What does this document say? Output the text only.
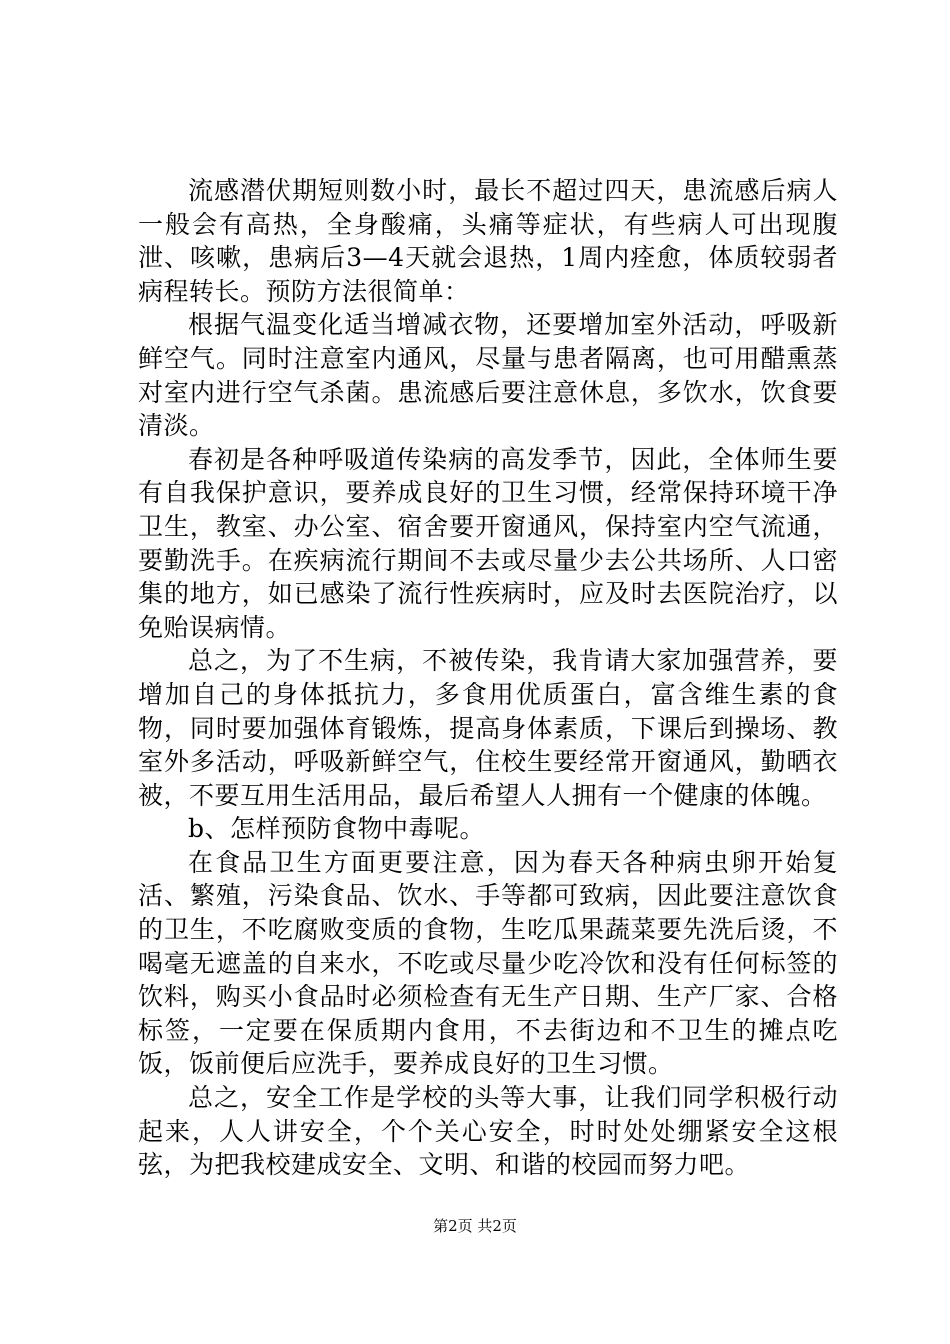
流感潜伏期短则数小时，最长不超过四天，患流感后病人一般会有高热，全身酸痛，头痛等症状，有些病人可出现腹泄、咳嗽，患病后3—4天就会退热，1周内痊愈，体质较弱者病程转长。预防方法很简单：

根据气温变化适当增减衣物，还要增加室外活动，呼吸新鲜空气。同时注意室内通风，尽量与患者隔离，也可用醋熏蒸对室内进行空气杀菌。患流感后要注意休息，多饮水，饮食要清淡。

春初是各种呼吸道传染病的高发季节，因此，全体师生要有自我保护意识，要养成良好的卫生习惯，经常保持环境干净卫生，教室、办公室、宿舍要开窗通风，保持室内空气流通，要勤洗手。在疾病流行期间不去或尽量少去公共场所、人口密集的地方，如已感染了流行性疾病时，应及时去医院治疗，以免贻误病情。

总之，为了不生病，不被传染，我肯请大家加强营养，要增加自己的身体抵抗力，多食用优质蛋白，富含维生素的食物，同时要加强体育锻炼，提高身体素质，下课后到操场、教室外多活动，呼吸新鲜空气，住校生要经常开窗通风，勤晒衣被，不要互用生活用品，最后希望人人拥有一个健康的体魄。

b、怎样预防食物中毒呢。

在食品卫生方面更要注意，因为春天各种病虫卵开始复活、繁殖，污染食品、饮水、手等都可致病，因此要注意饮食的卫生，不吃腐败变质的食物，生吃瓜果蔬菜要先洗后烫，不喝毫无遮盖的自来水，不吃或尽量少吃冷饮和没有任何标签的饮料，购买小食品时必须检查有无生产日期、生产厂家、合格标签，一定要在保质期内食用，不去街边和不卫生的摊点吃饭，饭前便后应洗手，要养成良好的卫生习惯。

总之，安全工作是学校的头等大事，让我们同学积极行动起来，人人讲安全，个个关心安全，时时处处绷紧安全这根弦，为把我校建成安全、文明、和谐的校园而努力吧。

第2页 共2页
